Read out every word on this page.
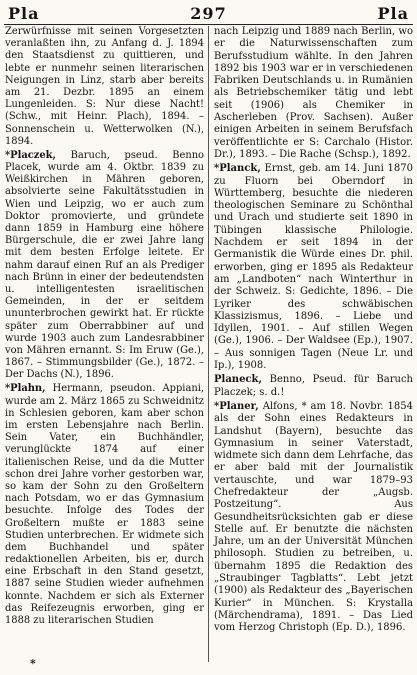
Pla	297	Pla

Zerwürfnisse mit seinen Vorgesetzten veranlaßten ihn, zu Anfang d. J. 1894 den Staatsdienst zu quittieren, und lebte er nunmehr seinen literarischen Neigungen in Linz, starb aber bereits am 21. Dezbr. 1895 an einem Lungenleiden. S: Nur diese Nacht! (Schw., mit Heinr. Plach), 1894. – Sonnenschein u. Wetterwolken (N.), 1894.

*Placzek, Baruch, pseud. Benno Placek, wurde am 4. Oktbr. 1839 zu Weißkirchen in Mähren geboren, absolvierte seine Fakultätsstudien in Wien und Leipzig, wo er auch zum Doktor promovierte, und gründete dann 1859 in Hamburg eine höhere Bürgerschule, die er zwei Jahre lang mit dem besten Erfolge leitete. Er nahm darauf einen Ruf an als Prediger nach Brünn in einer der bedeutendsten u. intelligentesten israelitischen Gemeinden, in der er seitdem ununterbrochen gewirkt hat. Er rückte später zum Oberrabbiner auf und wurde 1903 auch zum Landesrabbiner von Mähren ernannt. S: Im Eruw (Ge.), 1867. – Stimmungsbilder (Ge.), 1872. – Der Dachs (N.), 1896.

*Plahn, Hermann, pseudon. Appiani, wurde am 2. März 1865 zu Schweidnitz in Schlesien geboren, kam aber schon im ersten Lebensjahre nach Berlin. Sein Vater, ein Buchhändler, verunglückte 1874 auf einer italienischen Reise, und da die Mutter schon drei Jahre vorher gestorben war, so kam der Sohn zu den Großeltern nach Potsdam, wo er das Gymnasium besuchte. Infolge des Todes der Großeltern mußte er 1883 seine Studien unterbrechen. Er widmete sich dem Buchhandel und später redaktionellen Arbeiten, bis er, durch eine Erbschaft in den Stand gesetzt, 1887 seine Studien wieder aufnehmen konnte. Nachdem er sich als Externer das Reifezeugnis erworben, ging er 1888 zu literarischen Studien

nach Leipzig und 1889 nach Berlin, wo er die Naturwissenschaften zum Berufsstudium wählte. In den Jahren 1892 bis 1903 war er in verschiedenen Fabriken Deutschlands u. in Rumänien als Betriebschemiker tätig und lebt seit (1906) als Chemiker in Ascherleben (Prov. Sachsen). Außer einigen Arbeiten in seinem Berufsfach veröffentlichte er S: Carchalo (Histor. Dr.), 1893. – Die Rache (Schsp.), 1892.

*Planck, Ernst, geb. am 14. Juni 1870 zu Fluorn bei Oberndorf in Württemberg, besuchte die niederen theologischen Seminare zu Schönthal und Urach und studierte seit 1890 in Tübingen klassische Philologie. Nachdem er seit 1894 in der Germanistik die Würde eines Dr. phil. erworben, ging er 1895 als Redakteur am „Landboten“ nach Winterthur in der Schweiz. S: Gedichte, 1896. – Die Lyriker des schwäbischen Klassizismus, 1896. – Liebe und Idyllen, 1901. – Auf stillen Wegen (Ge.), 1906. – Der Waldsee (Ep.), 1907. – Aus sonnigen Tagen (Neue Lr. und Ip.), 1908.

Planeck, Benno, Pseud. für Baruch Placzek; s. d.!

*Planer, Alfons, * am 18. Novbr. 1854 als der Sohn eines Redakteurs in Landshut (Bayern), besuchte das Gymnasium in seiner Vaterstadt, widmete sich dann dem Lehrfache, das er aber bald mit der Journalistik vertauschte, und war 1879–93 Chefredakteur der „Augsb. Postzeitung“. Aus Gesundheitsrücksichten gab er diese Stelle auf. Er benutzte die nächsten Jahre, um an der Universität München philosoph. Studien zu betreiben, u. übernahm 1895 die Redaktion des „Straubinger Tagblatts“. Lebt jetzt (1900) als Redakteur des „Bayerischen Kurier“ in München. S: Krystalla (Märchendrama), 1891. – Das Lied vom Herzog Christoph (Ep. D.), 1896.

*
